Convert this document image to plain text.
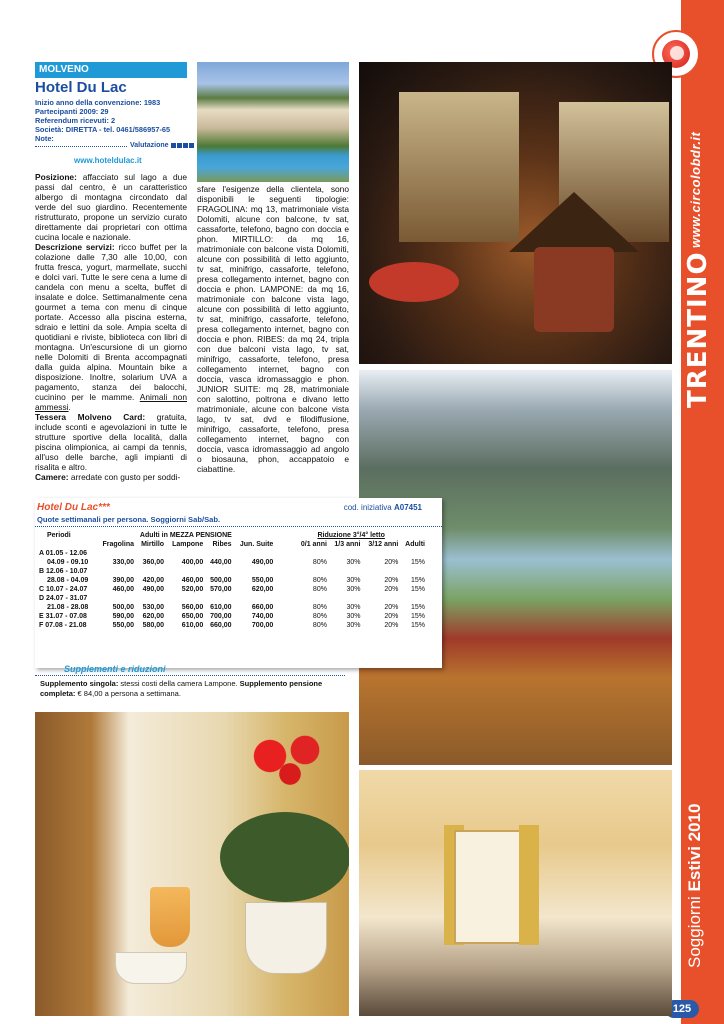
www.circolobdr.it
TRENTINO
Soggiorni Estivi 2010
125
MOLVENO
Hotel Du Lac
Inizio anno della convenzione: 1983
Partecipanti 2009: 29
Referendum ricevuti: 2
Società: DIRETTA - tel. 0461/586957-65
Note:
Valutazione
www.hoteldulac.it
Posizione: affacciato sul lago a due passi dal centro, è un caratteristico albergo di montagna circondato dal verde del suo giardino. Recentemente ristrutturato, propone un servizio curato direttamente dai proprietari con ottima cucina locale e nazionale.
Descrizione servizi: ricco buffet per la colazione dalle 7,30 alle 10,00, con frutta fresca, yogurt, marmellate, succhi e dolci vari. Tutte le sere cena a lume di candela con menu a scelta, buffet di insalate e dolce. Settimanalmente cena gourmet a tema con menu di cinque portate. Accesso alla piscina esterna, sdraio e lettini da sole. Ampia scelta di quotidiani e riviste, biblioteca con libri di montagna. Un'escursione di un giorno nelle Dolomiti di Brenta accompagnati dalla guida alpina. Mountain bike a disposizione. Inoltre, solarium UVA a pagamento, stanza dei balocchi, cucinino per le mamme. Animali non ammessi.
Tessera Molveno Card: gratuita, include sconti e agevolazioni in tutte le strutture sportive della località, dalla piscina olimpionica, ai campi da tennis, all'uso delle barche, agli impianti di risalita e altro.
Camere: arredate con gusto per soddi-
sfare l'esigenze della clientela, sono disponibili le seguenti tipologie: FRAGOLINA: mq 13, matrimoniale vista Dolomiti, alcune con balcone, tv sat, cassaforte, telefono, bagno con doccia e phon. MIRTILLO: da mq 16, matrimoniale con balcone vista Dolomiti, alcune con possibilità di letto aggiunto, tv sat, minifrigo, cassaforte, telefono, presa collegamento internet, bagno con doccia e phon. LAMPONE: da mq 16, matrimoniale con balcone vista lago, alcune con possibilità di letto aggiunto, tv sat, minifrigo, cassaforte, telefono, presa collegamento internet, bagno con doccia e phon. RIBES: da mq 24, tripla con due balconi vista lago, tv sat, minifrigo, cassaforte, telefono, presa collegamento internet, bagno con doccia, vasca idromassaggio e phon. JUNIOR SUITE: mq 28, matrimoniale con salottino, poltrona e divano letto matrimoniale, alcune con balcone vista lago, tv sat, dvd e filodiffusione, minifrigo, cassaforte, telefono, presa collegamento internet, bagno con doccia, vasca idromassaggio ad angolo o biosauna, phon, accappatoio e ciabattine.
Hotel Du Lac***	cod. iniziativa A07451
Quote settimanali per persona. Soggiorni Sab/Sab.
Periodi	Adulti in MEZZA PENSIONE					Riduzione 3°/4° letto			
	Fragolina	Mirtillo	Lampone	Ribes	Jun. Suite	0/1 anni	1/3 anni	3/12 anni	Adulti

A 01.05 - 12.06
04.09 - 09.10	330,00	360,00	400,00	440,00	490,00	80%	30%	20%	15%

B 12.06 - 10.07
28.08 - 04.09	390,00	420,00	460,00	500,00	550,00	80%	30%	20%	15%

C 10.07 - 24.07	460,00	490,00	520,00	570,00	620,00	80%	30%	20%	15%

D 24.07 - 31.07
21.08 - 28.08	500,00	530,00	560,00	610,00	660,00	80%	30%	20%	15%

E 31.07 - 07.08	590,00	620,00	650,00	700,00	740,00	80%	30%	20%	15%

F 07.08 - 21.08	550,00	580,00	610,00	660,00	700,00	80%	30%	20%	15%
Supplementi e riduzioni
Supplemento singola: stessi costi della camera Lampone. Supplemento pensione completa: € 84,00 a persona a settimana.
